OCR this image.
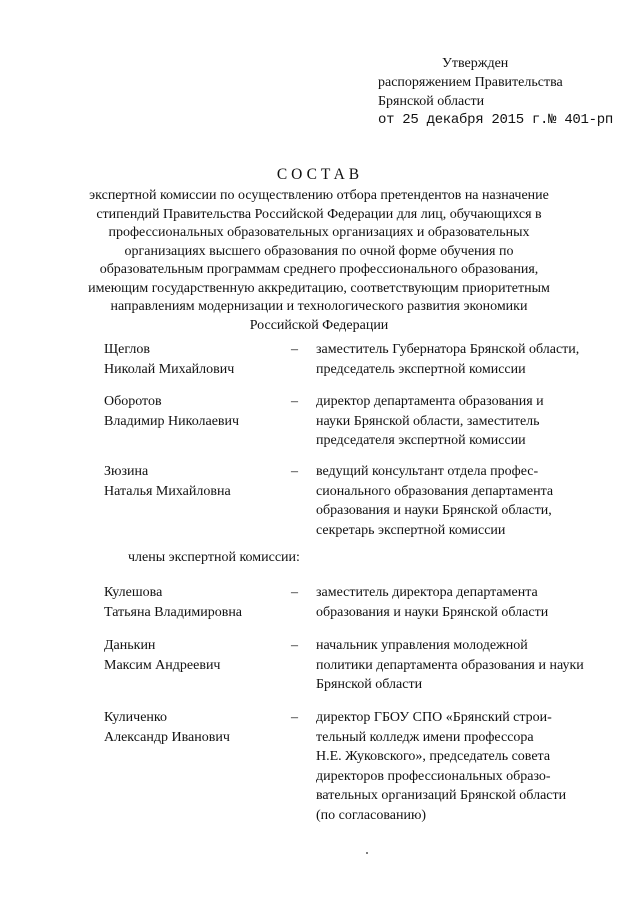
Утвержден
распоряжением Правительства
Брянской области
от 25 декабря 2015 г.№ 401-рп
СОСТАВ
экспертной комиссии по осуществлению отбора претендентов на назначение
стипендий Правительства Российской Федерации для лиц, обучающихся в
профессиональных образовательных организациях и образовательных
организациях высшего образования по очной форме обучения по
образовательным программам среднего профессионального образования,
имеющим государственную аккредитацию, соответствующим приоритетным
направлениям модернизации и технологического развития экономики
Российской Федерации
Щеглов
Николай Михайлович
– заместитель Губернатора Брянской области,
председатель экспертной комиссии
Оборотов
Владимир Николаевич
– директор департамента образования и
науки Брянской области, заместитель
председателя экспертной комиссии
Зюзина
Наталья Михайловна
– ведущий консультант отдела профес-
сионального образования департамента
образования и науки Брянской области,
секретарь экспертной комиссии
члены экспертной комиссии:
Кулешова
Татьяна Владимировна
– заместитель директора департамента
образования и науки Брянской области
Данькин
Максим Андреевич
– начальник управления молодежной
политики департамента образования и науки
Брянской области
Куличенко
Александр Иванович
– директор ГБОУ СПО «Брянский строи-
тельный колледж имени профессора
Н.Е. Жуковского», председатель совета
директоров профессиональных образо-
вательных организаций Брянской области
(по согласованию)
